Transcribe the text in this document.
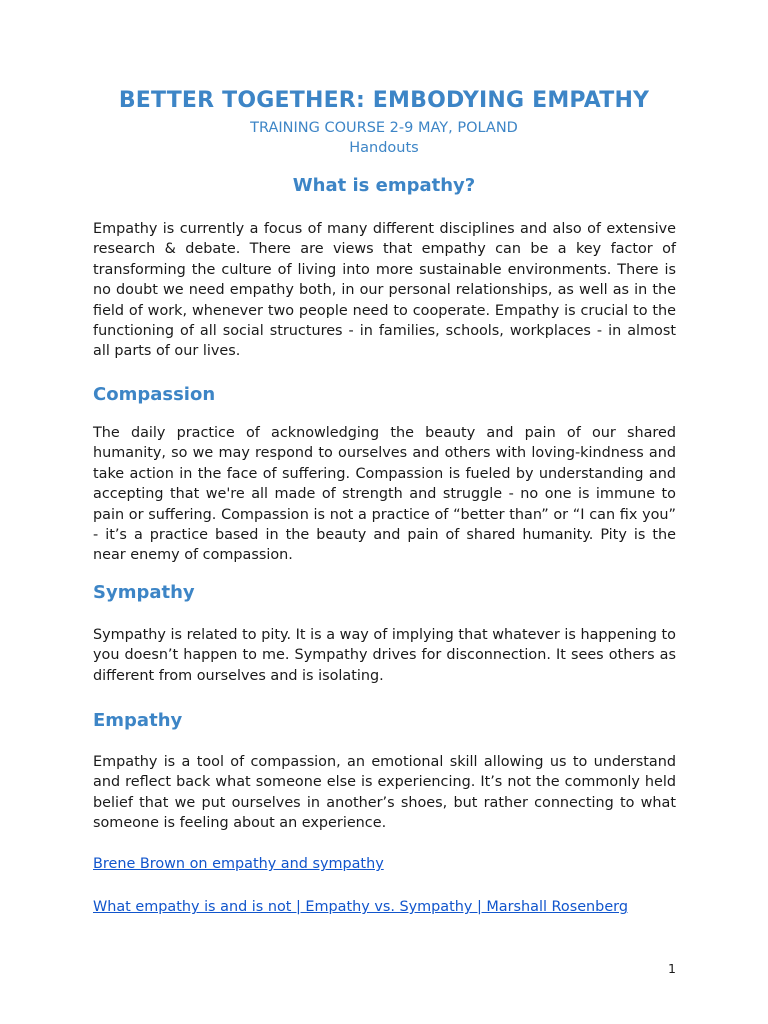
BETTER TOGETHER: EMBODYING EMPATHY
TRAINING COURSE 2-9 MAY, POLAND
Handouts
What is empathy?
Empathy is currently a focus of many different disciplines and also of extensive research & debate. There are views that empathy can be a key factor of transforming the culture of living into more sustainable environments. There is no doubt we need empathy both, in our personal relationships, as well as in the field of work, whenever two people need to cooperate. Empathy is crucial to the functioning of all social structures - in families, schools, workplaces - in almost all parts of our lives.
Compassion
The daily practice of acknowledging the beauty and pain of our shared humanity, so we may respond to ourselves and others with loving-kindness and take action in the face of suffering. Compassion is fueled by understanding and accepting that we're all made of strength and struggle - no one is immune to pain or suffering. Compassion is not a practice of “better than” or “I can fix you” - it’s a practice based in the beauty and pain of shared humanity. Pity is the near enemy of compassion.
Sympathy
Sympathy is related to pity. It is a way of implying that whatever is happening to you doesn’t happen to me. Sympathy drives for disconnection. It sees others as different from ourselves and is isolating.
Empathy
Empathy is a tool of compassion, an emotional skill allowing us to understand and reflect back what someone else is experiencing. It’s not the commonly held belief that we put ourselves in another’s shoes, but rather connecting to what someone is feeling about an experience.
Brene Brown on empathy and sympathy
What empathy is and is not | Empathy vs. Sympathy | Marshall Rosenberg
1
